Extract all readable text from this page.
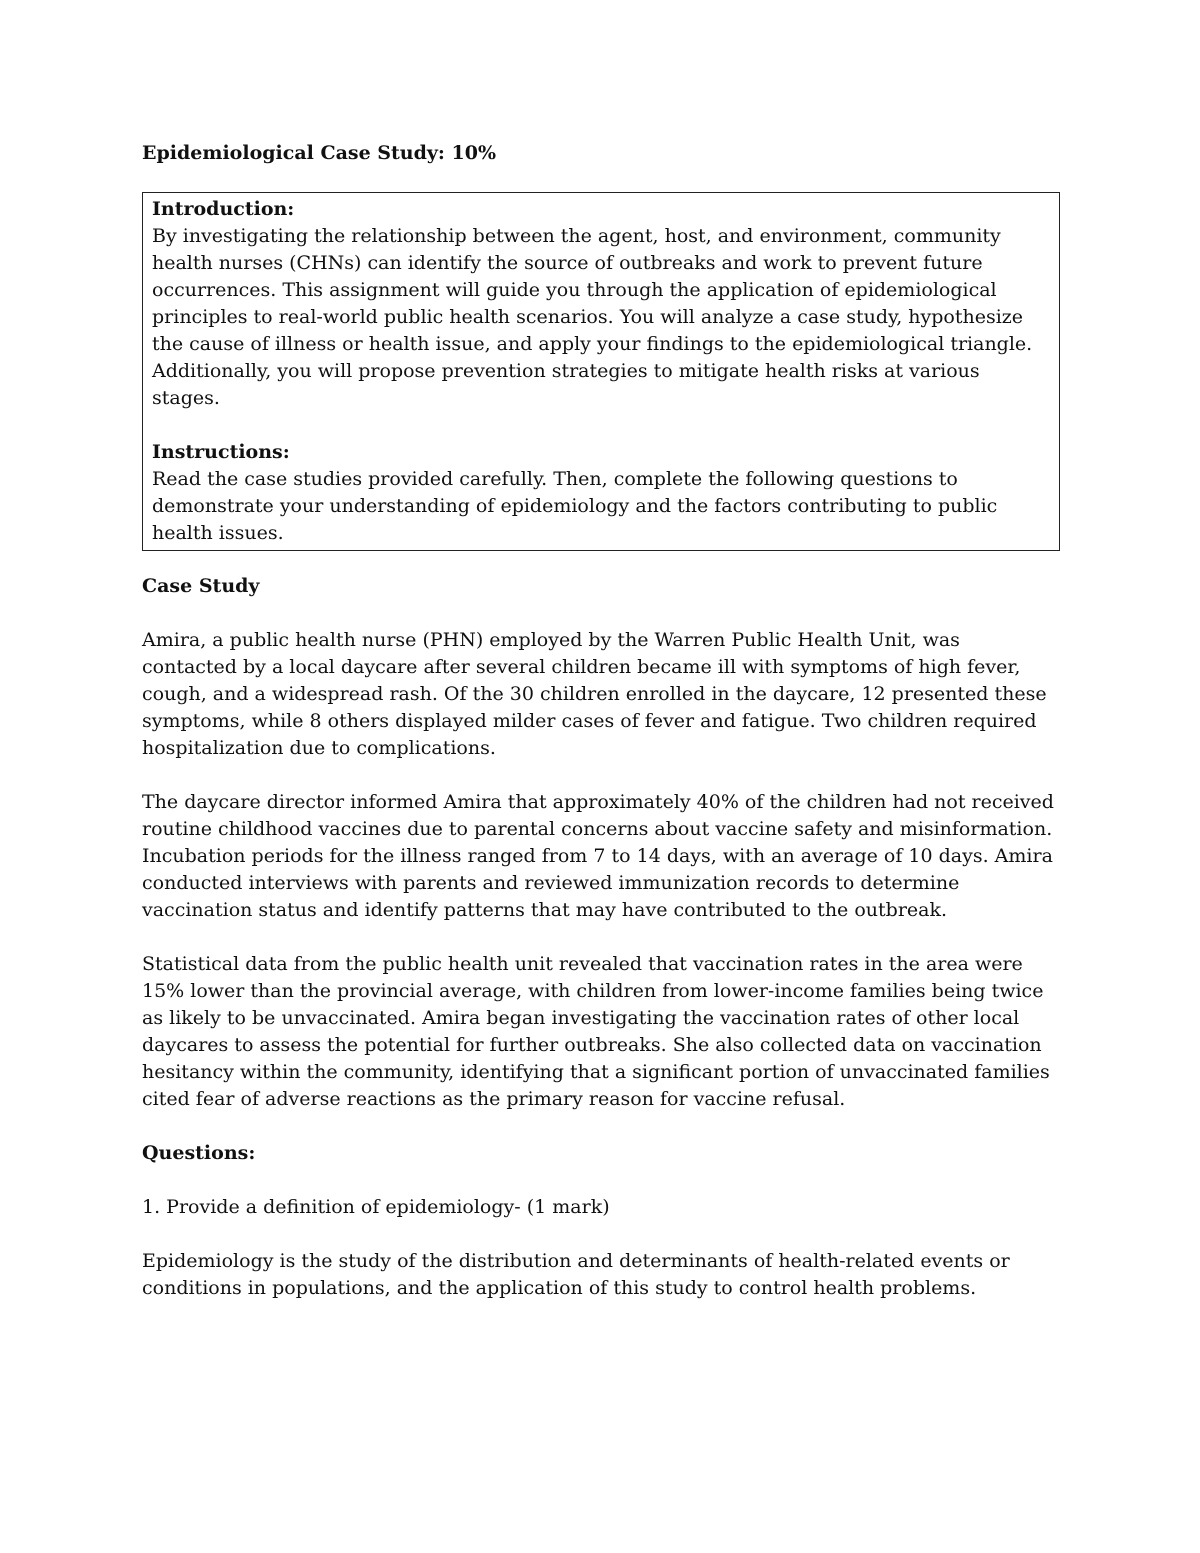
Epidemiological Case Study: 10%
Introduction:
By investigating the relationship between the agent, host, and environment, community health nurses (CHNs) can identify the source of outbreaks and work to prevent future occurrences. This assignment will guide you through the application of epidemiological principles to real-world public health scenarios. You will analyze a case study, hypothesize the cause of illness or health issue, and apply your findings to the epidemiological triangle. Additionally, you will propose prevention strategies to mitigate health risks at various stages.
Instructions:
Read the case studies provided carefully. Then, complete the following questions to demonstrate your understanding of epidemiology and the factors contributing to public health issues.
Case Study
Amira, a public health nurse (PHN) employed by the Warren Public Health Unit, was contacted by a local daycare after several children became ill with symptoms of high fever, cough, and a widespread rash. Of the 30 children enrolled in the daycare, 12 presented these symptoms, while 8 others displayed milder cases of fever and fatigue. Two children required hospitalization due to complications.
The daycare director informed Amira that approximately 40% of the children had not received routine childhood vaccines due to parental concerns about vaccine safety and misinformation. Incubation periods for the illness ranged from 7 to 14 days, with an average of 10 days. Amira conducted interviews with parents and reviewed immunization records to determine vaccination status and identify patterns that may have contributed to the outbreak.
Statistical data from the public health unit revealed that vaccination rates in the area were 15% lower than the provincial average, with children from lower-income families being twice as likely to be unvaccinated. Amira began investigating the vaccination rates of other local daycares to assess the potential for further outbreaks. She also collected data on vaccination hesitancy within the community, identifying that a significant portion of unvaccinated families cited fear of adverse reactions as the primary reason for vaccine refusal.
Questions:
1. Provide a definition of epidemiology- (1 mark)
Epidemiology is the study of the distribution and determinants of health-related events or conditions in populations, and the application of this study to control health problems.
